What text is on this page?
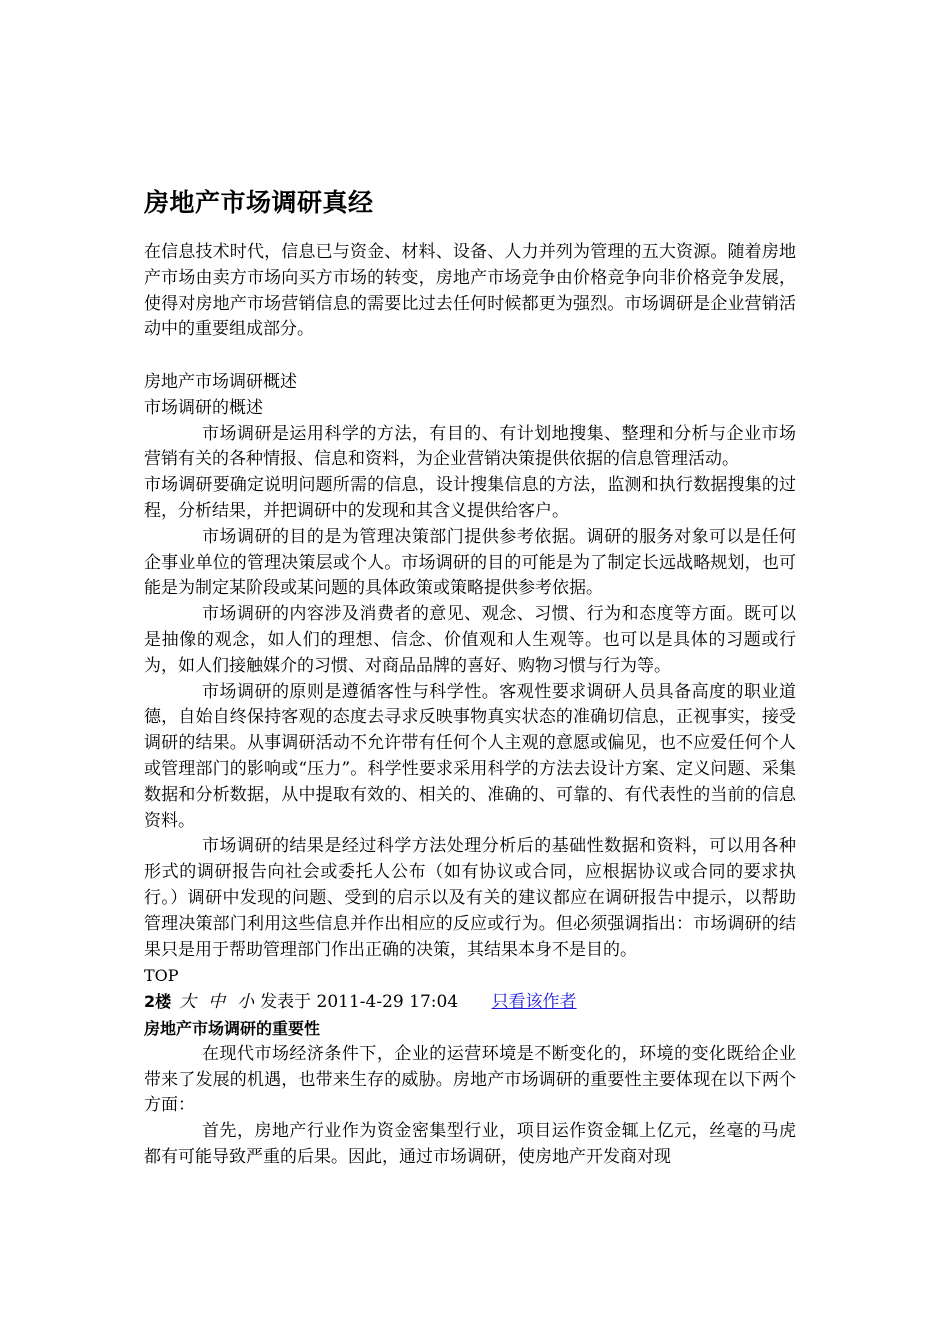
房地产市场调研真经
在信息技术时代，信息已与资金、材料、设备、人力并列为管理的五大资源。随着房地产市场由卖方市场向买方市场的转变，房地产市场竞争由价格竞争向非价格竞争发展，使得对房地产市场营销信息的需要比过去任何时候都更为强烈。市场调研是企业营销活动中的重要组成部分。

房地产市场调研概述

市场调研的概述

市场调研是运用科学的方法，有目的、有计划地搜集、整理和分析与企业市场营销有关的各种情报、信息和资料，为企业营销决策提供依据的信息管理活动。

市场调研要确定说明问题所需的信息，设计搜集信息的方法，监测和执行数据搜集的过程，分析结果，并把调研中的发现和其含义提供给客户。

市场调研的目的是为管理决策部门提供参考依据。调研的服务对象可以是任何企事业单位的管理决策层或个人。市场调研的目的可能是为了制定长远战略规划，也可能是为制定某阶段或某问题的具体政策或策略提供参考依据。

市场调研的内容涉及消费者的意见、观念、习惯、行为和态度等方面。既可以是抽像的观念，如人们的理想、信念、价值观和人生观等。也可以是具体的习题或行为，如人们接触媒介的习惯、对商品品牌的喜好、购物习惯与行为等。

市场调研的原则是遵循客性与科学性。客观性要求调研人员具备高度的职业道德，自始自终保持客观的态度去寻求反映事物真实状态的准确切信息，正视事实，接受调研的结果。从事调研活动不允许带有任何个人主观的意愿或偏见，也不应爱任何个人或管理部门的影响或“压力”。科学性要求采用科学的方法去设计方案、定义问题、采集数据和分析数据，从中提取有效的、相关的、准确的、可靠的、有代表性的当前的信息资料。

市场调研的结果是经过科学方法处理分析后的基础性数据和资料，可以用各种形式的调研报告向社会或委托人公布（如有协议或合同，应根据协议或合同的要求执行。）调研中发现的问题、受到的启示以及有关的建议都应在调研报告中提示，以帮助管理决策部门利用这些信息并作出相应的反应或行为。但必须强调指出：市场调研的结果只是用于帮助管理部门作出正确的决策，其结果本身不是目的。

TOP

2楼 大 中 小 发表于 2011-4-29 17:04 只看该作者

房地产市场调研的重要性

在现代市场经济条件下，企业的运营环境是不断变化的，环境的变化既给企业带来了发展的机遇，也带来生存的威胁。房地产市场调研的重要性主要体现在以下两个方面：

首先，房地产行业作为资金密集型行业，项目运作资金辄上亿元，丝毫的马虎都有可能导致严重的后果。因此，通过市场调研，使房地产开发商对现
